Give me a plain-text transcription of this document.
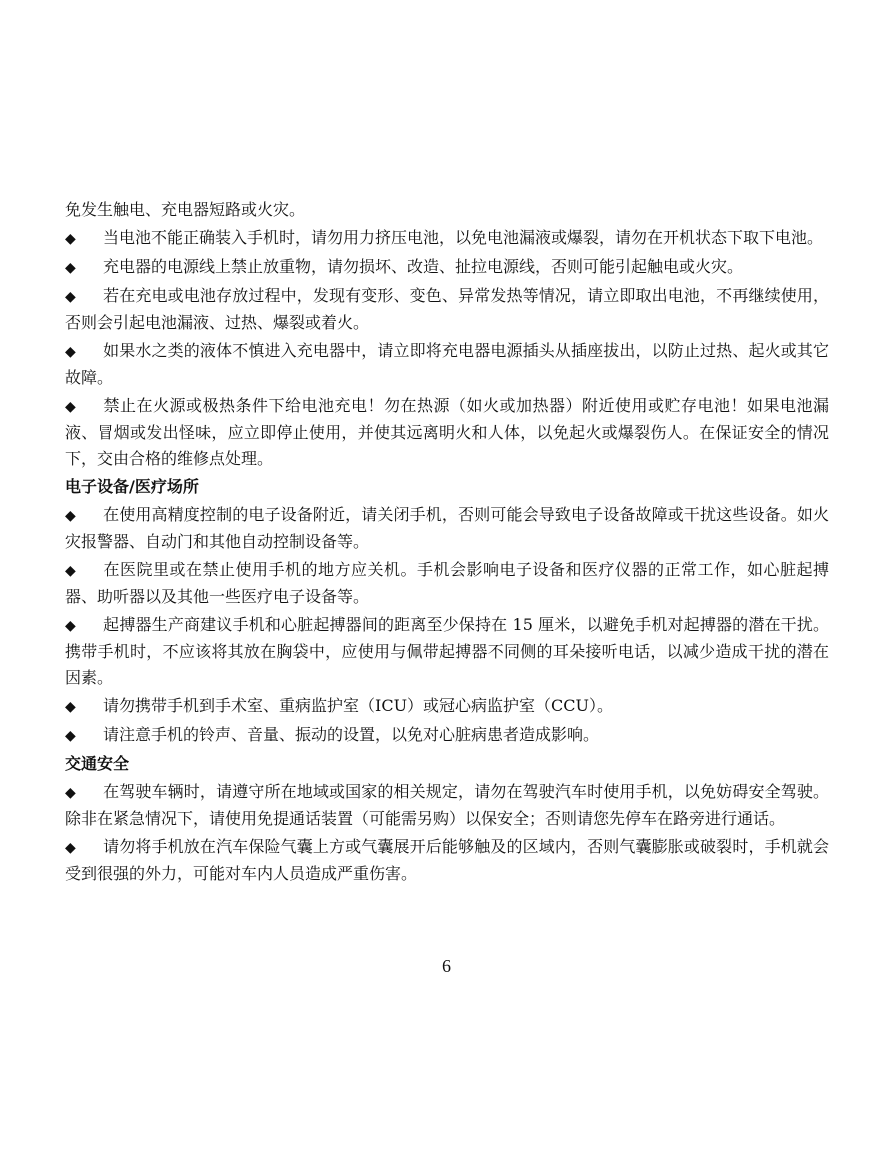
免发生触电、充电器短路或火灾。

◆ 当电池不能正确装入手机时，请勿用力挤压电池，以免电池漏液或爆裂，请勿在开机状态下取下电池。

◆ 充电器的电源线上禁止放重物，请勿损坏、改造、扯拉电源线，否则可能引起触电或火灾。

◆ 若在充电或电池存放过程中，发现有变形、变色、异常发热等情况，请立即取出电池，不再继续使用，否则会引起电池漏液、过热、爆裂或着火。

◆ 如果水之类的液体不慎进入充电器中，请立即将充电器电源插头从插座拔出，以防止过热、起火或其它故障。

◆ 禁止在火源或极热条件下给电池充电！勿在热源（如火或加热器）附近使用或贮存电池！如果电池漏液、冒烟或发出怪味，应立即停止使用，并使其远离明火和人体，以免起火或爆裂伤人。在保证安全的情况下，交由合格的维修点处理。

电子设备/医疗场所

◆ 在使用高精度控制的电子设备附近，请关闭手机，否则可能会导致电子设备故障或干扰这些设备。如火灾报警器、自动门和其他自动控制设备等。

◆ 在医院里或在禁止使用手机的地方应关机。手机会影响电子设备和医疗仪器的正常工作，如心脏起搏器、助听器以及其他一些医疗电子设备等。

◆ 起搏器生产商建议手机和心脏起搏器间的距离至少保持在 15 厘米，以避免手机对起搏器的潜在干扰。携带手机时，不应该将其放在胸袋中，应使用与佩带起搏器不同侧的耳朵接听电话，以减少造成干扰的潜在因素。

◆ 请勿携带手机到手术室、重病监护室（ICU）或冠心病监护室（CCU）。

◆ 请注意手机的铃声、音量、振动的设置，以免对心脏病患者造成影响。

交通安全

◆ 在驾驶车辆时，请遵守所在地域或国家的相关规定，请勿在驾驶汽车时使用手机，以免妨碍安全驾驶。除非在紧急情况下，请使用免提通话装置（可能需另购）以保安全；否则请您先停车在路旁进行通话。

◆ 请勿将手机放在汽车保险气囊上方或气囊展开后能够触及的区域内，否则气囊膨胀或破裂时，手机就会受到很强的外力，可能对车内人员造成严重伤害。

6
